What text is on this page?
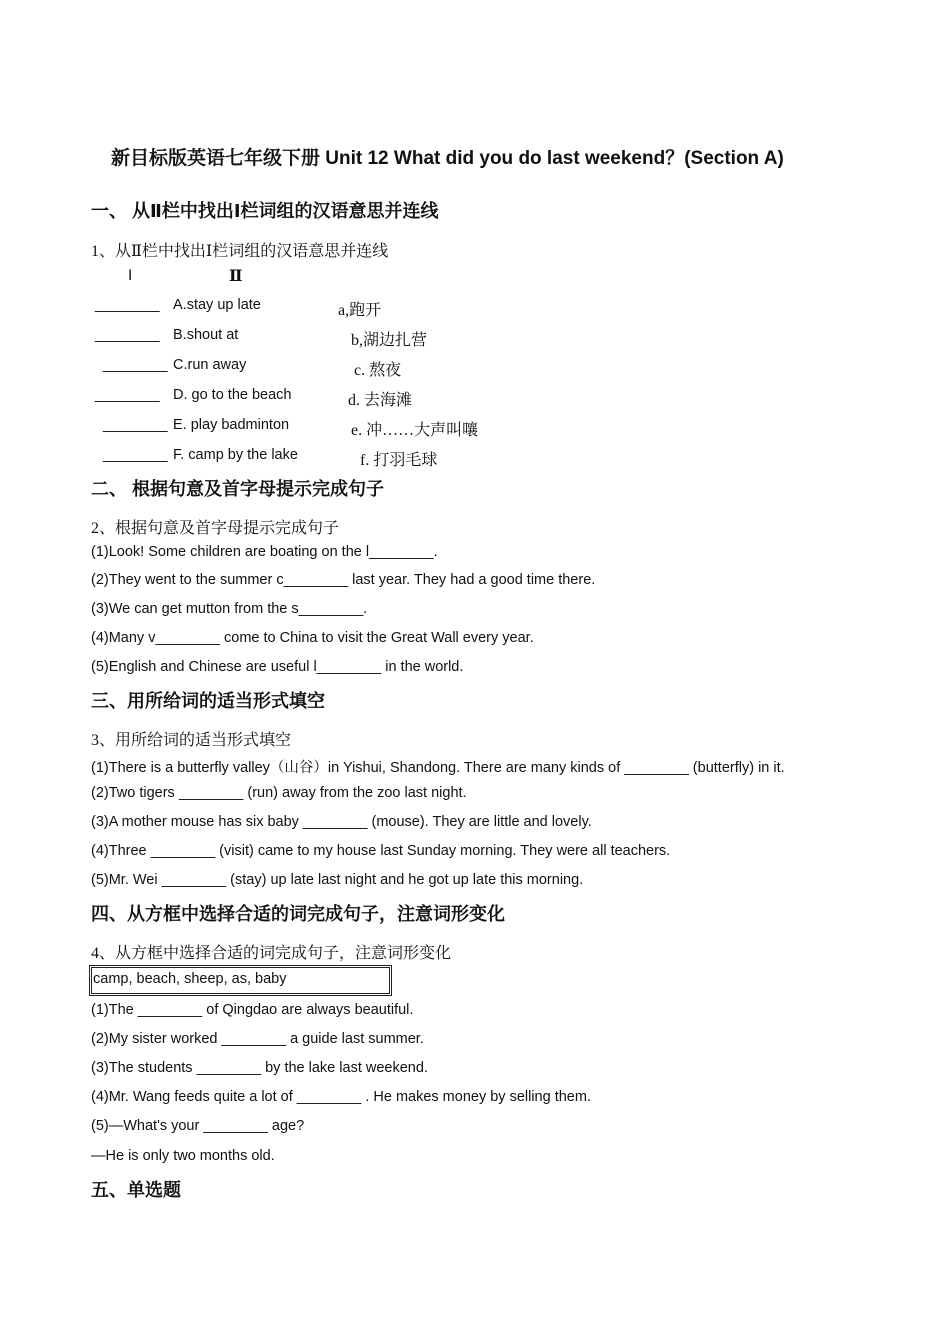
新目标版英语七年级下册 Unit 12 What did you do last weekend？(Section A)
一、 从Ⅱ栏中找出Ⅰ栏词组的汉语意思并连线
1、从Ⅱ栏中找出Ⅰ栏词组的汉语意思并连线
Ⅰ	Ⅱ
________ A.stay up late	a,跑开
________ B.shout at	b,湖边扎营
________ C.run away	c. 熬夜
________ D. go to the beach	d. 去海滩
________ E. play badminton	e. 冲……大声叫嚷
________ F. camp by the lake	f. 打羽毛球
二、 根据句意及首字母提示完成句子
2、根据句意及首字母提示完成句子
(1)Look! Some children are boating on the l________.
(2)They went to the summer c________ last year. They had a good time there.
(3)We can get mutton from the s________.
(4)Many v________ come to China to visit the Great Wall every year.
(5)English and Chinese are useful l________ in the world.
三、用所给词的适当形式填空
3、用所给词的适当形式填空
(1)There is a butterfly valley（山谷）in Yishui, Shandong. There are many kinds of ________ (butterfly) in it.
(2)Two tigers ________ (run) away from the zoo last night.
(3)A mother mouse has six baby ________ (mouse). They are little and lovely.
(4)Three ________ (visit) came to my house last Sunday morning. They were all teachers.
(5)Mr. Wei ________ (stay) up late last night and he got up late this morning.
四、从方框中选择合适的词完成句子，注意词形变化
4、从方框中选择合适的词完成句子，注意词形变化
camp, beach, sheep, as, baby
(1)The ________ of Qingdao are always beautiful.
(2)My sister worked ________ a guide last summer.
(3)The students ________ by the lake last weekend.
(4)Mr. Wang feeds quite a lot of ________ . He makes money by selling them.
(5)—What's your ________ age?
—He is only two months old.
五、单选题
